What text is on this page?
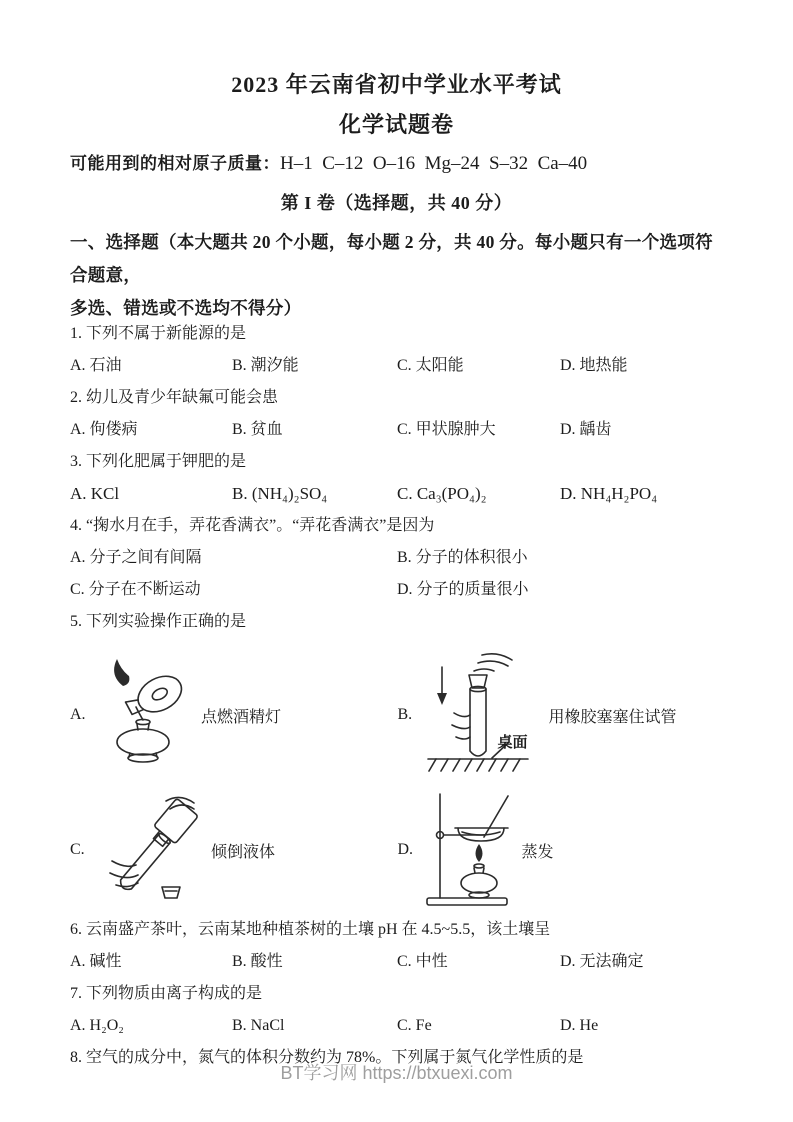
2023 年云南省初中学业水平考试

化学试题卷

可能用到的相对原子质量：H–1  C–12  O–16  Mg–24  S–32  Ca–40

第 I 卷（选择题，共 40 分）

一、选择题（本大题共 20 个小题，每小题 2 分，共 40 分。每小题只有一个选项符合题意，
多选、错选或不选均不得分）

1. 下列不属于新能源的是

A. 石油	B. 潮汐能	C. 太阳能	D. 地热能

2. 幼儿及青少年缺氟可能会患

A. 佝偻病	B. 贫血	C. 甲状腺肿大	D. 龋齿

3. 下列化肥属于钾肥的是

A. KCl	B. (NH₄)₂SO₄	C. Ca₃(PO₄)₂	D. NH₄H₂PO₄

4. “掬水月在手，弄花香满衣”。“弄花香满衣”是因为

A. 分子之间有间隔	B. 分子的体积很小
C. 分子在不断运动	D. 分子的质量很小

5. 下列实验操作正确的是

A.	点燃酒精灯	B.	用橡胶塞塞住试管
桌面
C.	倾倒液体	D.	蒸发

6. 云南盛产茶叶，云南某地种植茶树的土壤 pH 在 4.5~5.5，该土壤呈

A. 碱性	B. 酸性	C. 中性	D. 无法确定

7. 下列物质由离子构成的是

A. H₂O₂	B. NaCl	C. Fe	D. He

8. 空气的成分中，氮气的体积分数约为 78%。下列属于氮气化学性质的是

BT学习网 https://btxuexi.com
